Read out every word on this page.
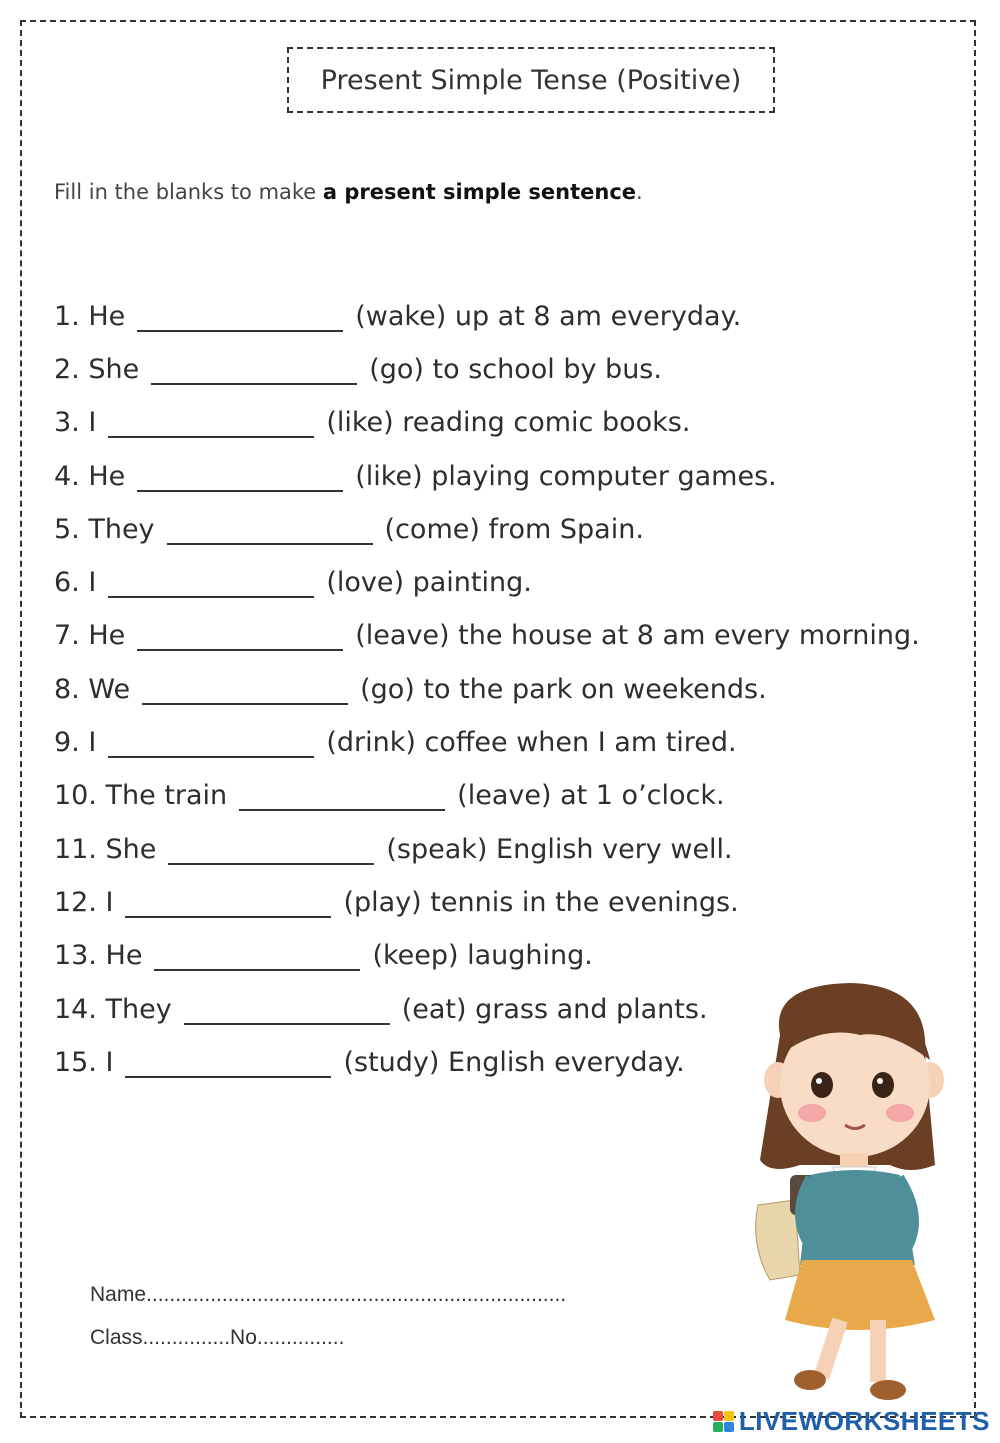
Present Simple Tense (Positive)
Fill in the blanks to make a present simple sentence.
1. He	(wake) up at 8 am everyday.
2. She	(go) to school by bus.
3. I	(like) reading comic books.
4. He	(like) playing computer games.
5. They	(come) from Spain.
6. I	(love) painting.
7. He	(leave) the house at 8 am every morning.
8. We	(go) to the park on weekends.
9. I	(drink) coffee when I am tired.
10. The train	(leave) at 1 o’clock.
11. She	(speak) English very well.
12. I	(play) tennis in the evenings.
13. He	(keep) laughing.
14. They	(eat) grass and plants.
15. I	(study) English everyday.
Name........................................................................
Class...............No...............
LIVEWORKSHEETS
